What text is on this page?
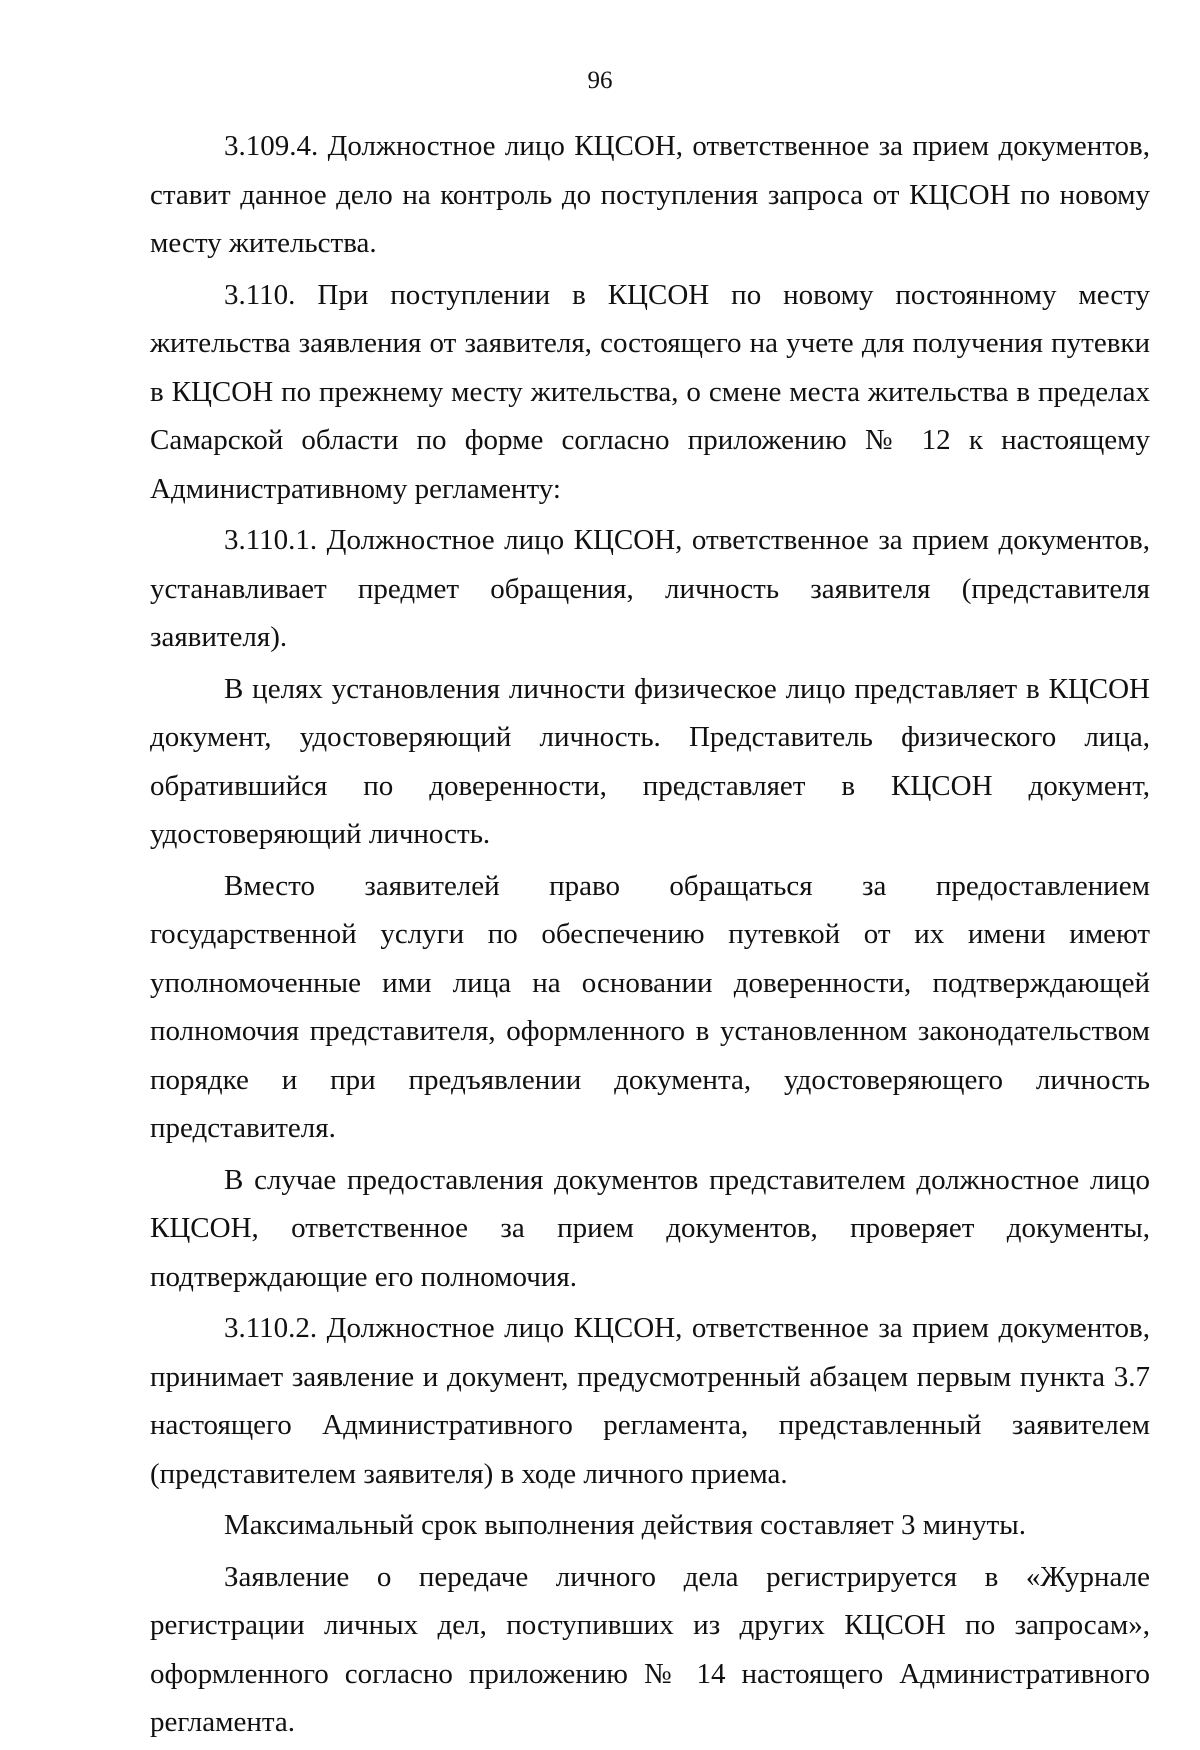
96

3.109.4. Должностное лицо КЦСОН, ответственное за прием документов, ставит данное дело на контроль до поступления запроса от КЦСОН по новому месту жительства.

3.110. При поступлении в КЦСОН по новому постоянному месту жительства заявления от заявителя, состоящего на учете для получения путевки в КЦСОН по прежнему месту жительства, о смене места жительства в пределах Самарской области по форме согласно приложению № 12 к настоящему Административному регламенту:

3.110.1. Должностное лицо КЦСОН, ответственное за прием документов, устанавливает предмет обращения, личность заявителя (представителя заявителя).

В целях установления личности физическое лицо представляет в КЦСОН документ, удостоверяющий личность. Представитель физического лица, обратившийся по доверенности, представляет в КЦСОН документ, удостоверяющий личность.

Вместо заявителей право обращаться за предоставлением государственной услуги по обеспечению путевкой от их имени имеют уполномоченные ими лица на основании доверенности, подтверждающей полномочия представителя, оформленного в установленном законодательством порядке и при предъявлении документа, удостоверяющего личность представителя.

В случае предоставления документов представителем должностное лицо КЦСОН, ответственное за прием документов, проверяет документы, подтверждающие его полномочия.

3.110.2. Должностное лицо КЦСОН, ответственное за прием документов, принимает заявление и документ, предусмотренный абзацем первым пункта 3.7 настоящего Административного регламента, представленный заявителем (представителем заявителя) в ходе личного приема.

Максимальный срок выполнения действия составляет 3 минуты.

Заявление о передаче личного дела регистрируется в «Журнале регистрации личных дел, поступивших из других КЦСОН по запросам», оформленного согласно приложению № 14 настоящего Административного регламента.
